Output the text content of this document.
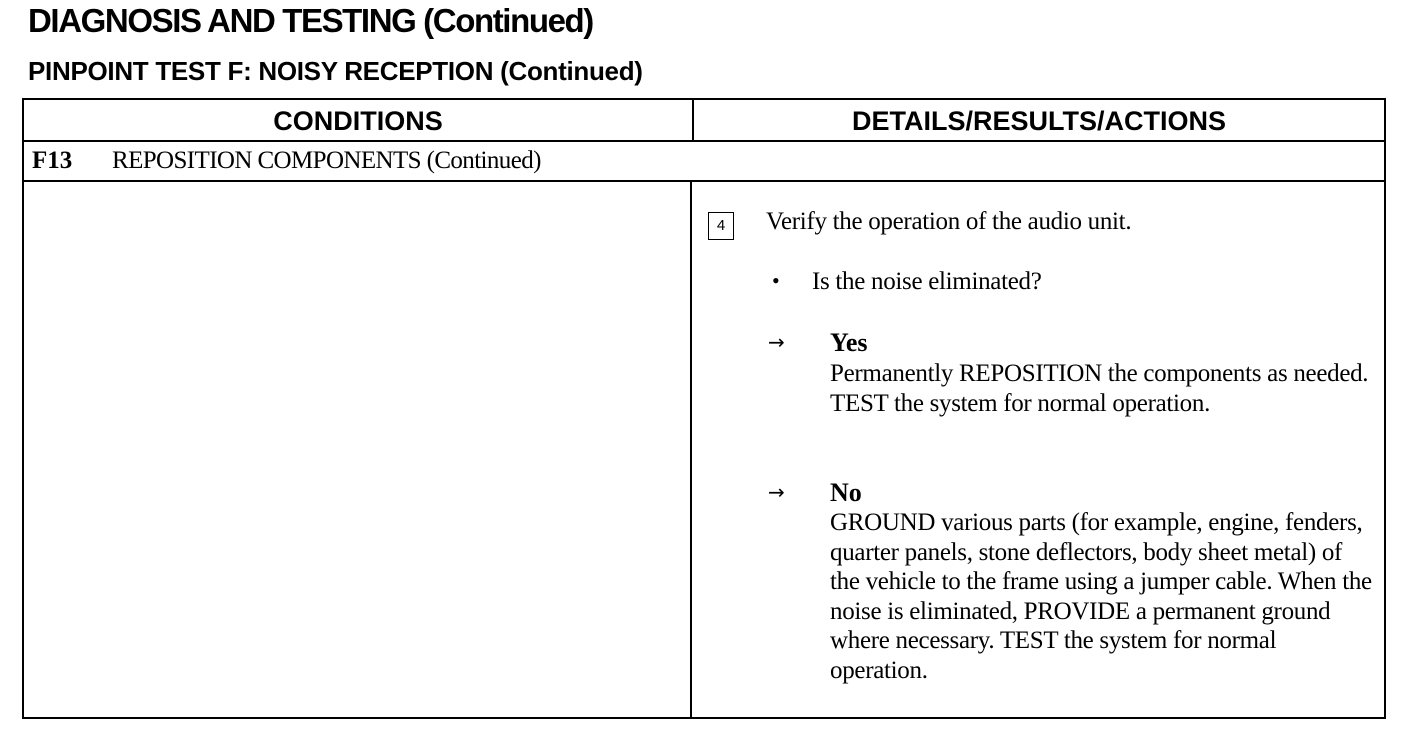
DIAGNOSIS AND TESTING (Continued)
PINPOINT TEST F: NOISY RECEPTION (Continued)
CONDITIONS	DETAILS/RESULTS/ACTIONS
F13 REPOSITION COMPONENTS (Continued)
4	Verify the operation of the audio unit.
• Is the noise eliminated?
→ Yes
Permanently REPOSITION the components as needed. TEST the system for normal operation.
→ No
GROUND various parts (for example, engine, fenders, quarter panels, stone deflectors, body sheet metal) of the vehicle to the frame using a jumper cable. When the noise is eliminated, PROVIDE a permanent ground where necessary. TEST the system for normal operation.
